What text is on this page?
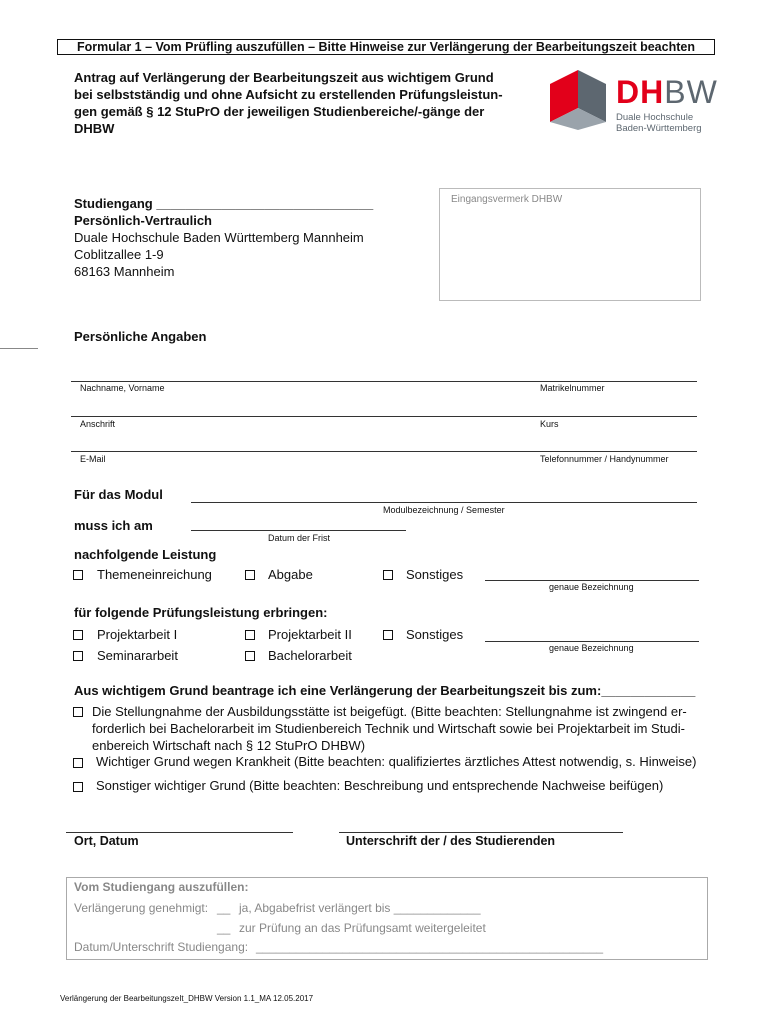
Formular 1 – Vom Prüfling auszufüllen – Bitte Hinweise zur Verlängerung der Bearbeitungszeit beachten
Antrag auf Verlängerung der Bearbeitungszeit aus wichtigem Grund
bei selbstständig und ohne Aufsicht zu erstellenden Prüfungsleistun-
gen gemäß § 12 StuPrO der jeweiligen Studienbereiche/-gänge der
DHBW
DHBW
Duale Hochschule
Baden-Württemberg
Eingangsvermerk DHBW
Studiengang ______________________________
Persönlich-Vertraulich
Duale Hochschule Baden Württemberg Mannheim
Coblitzallee 1-9
68163 Mannheim
Persönliche Angaben
Nachname, Vorname	Matrikelnummer
Anschrift	Kurs
E-Mail	Telefonnummer / Handynummer
Für das Modul
Modulbezeichnung / Semester
muss ich am
Datum der Frist
nachfolgende Leistung
Themeneinreichung	Abgabe	Sonstiges
genaue Bezeichnung
für folgende Prüfungsleistung erbringen:
Projektarbeit I	Projektarbeit II	Sonstiges
genaue Bezeichnung
Seminararbeit	Bachelorarbeit
Aus wichtigem Grund beantrage ich eine Verlängerung der Bearbeitungszeit bis zum:_____________
Die Stellungnahme der Ausbildungsstätte ist beigefügt. (Bitte beachten: Stellungnahme ist zwingend er-
forderlich bei Bachelorarbeit im Studienbereich Technik und Wirtschaft sowie bei Projektarbeit im Studi-
enbereich Wirtschaft nach § 12 StuPrO DHBW)
Wichtiger Grund wegen Krankheit (Bitte beachten: qualifiziertes ärztliches Attest notwendig, s. Hinweise)
Sonstiger wichtiger Grund (Bitte beachten: Beschreibung und entsprechende Nachweise beifügen)
Ort, Datum	Unterschrift der / des Studierenden
Vom Studiengang auszufüllen:
Verlängerung genehmigt: __ ja, Abgabefrist verlängert bis _____________
__ zur Prüfung an das Prüfungsamt weitergeleitet
Datum/Unterschrift Studiengang: ____________________________________________________
Verlängerung der BearbeitungszeIt_DHBW Version 1.1_MA 12.05.2017
